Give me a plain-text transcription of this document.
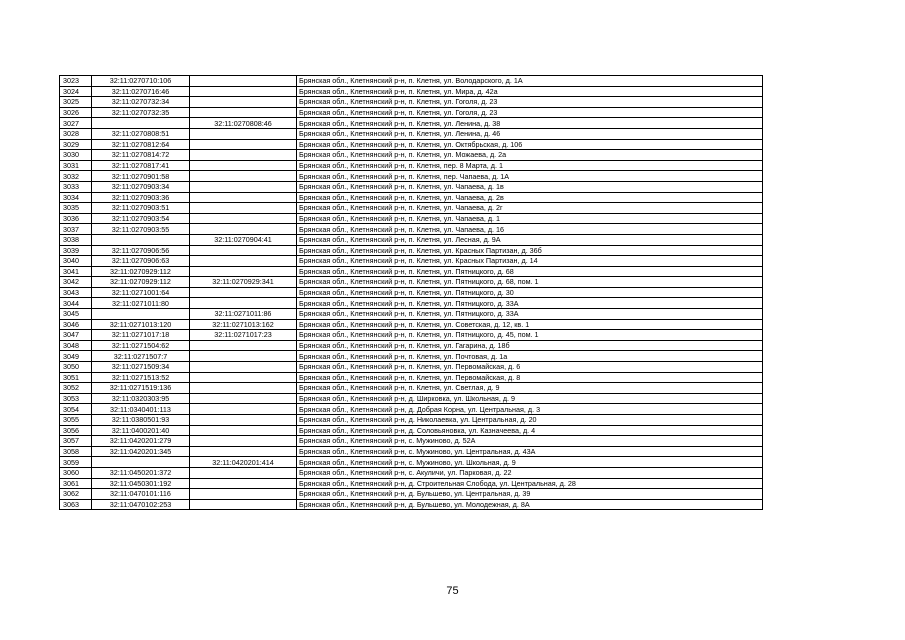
3023	32:11:0270710:106		Брянская обл., Клетнянский р-н, п. Клетня, ул. Володарского, д. 1А
3024	32:11:0270716:46		Брянская обл., Клетнянский р-н, п. Клетня, ул. Мира, д. 42а
3025	32:11:0270732:34		Брянская обл., Клетнянский р-н, п. Клетня, ул. Гоголя, д. 23
3026	32:11:0270732:35		Брянская обл., Клетнянский р-н, п. Клетня, ул. Гоголя, д. 23
3027		32:11:0270808:46	Брянская обл., Клетнянский р-н, п. Клетня, ул. Ленина, д. 38
3028	32:11:0270808:51		Брянская обл., Клетнянский р-н, п. Клетня, ул. Ленина, д. 46
3029	32:11:0270812:64		Брянская обл., Клетнянский р-н, п. Клетня, ул. Октябрьская, д. 106
3030	32:11:0270814:72		Брянская обл., Клетнянский р-н, п. Клетня, ул. Можаева, д. 2а
3031	32:11:0270817:41		Брянская обл., Клетнянский р-н, п. Клетня, пер. 8 Марта, д. 1
3032	32:11:0270901:58		Брянская обл., Клетнянский р-н, п. Клетня, пер. Чапаева, д. 1А
3033	32:11:0270903:34		Брянская обл., Клетнянский р-н, п. Клетня, ул. Чапаева, д. 1в
3034	32:11:0270903:36		Брянская обл., Клетнянский р-н, п. Клетня, ул. Чапаева, д. 2в
3035	32:11:0270903:51		Брянская обл., Клетнянский р-н, п. Клетня, ул. Чапаева, д. 2г
3036	32:11:0270903:54		Брянская обл., Клетнянский р-н, п. Клетня, ул. Чапаева, д. 1
3037	32:11:0270903:55		Брянская обл., Клетнянский р-н, п. Клетня, ул. Чапаева, д. 16
3038		32:11:0270904:41	Брянская обл., Клетнянский р-н, п. Клетня, ул. Лесная, д. 9А
3039	32:11:0270906:56		Брянская обл., Клетнянский р-н, п. Клетня, ул. Красных Партизан, д. 36б
3040	32:11:0270906:63		Брянская обл., Клетнянский р-н, п. Клетня, ул. Красных Партизан, д. 14
3041	32:11:0270929:112		Брянская обл., Клетнянский р-н, п. Клетня, ул. Пятницкого, д. 68
3042	32:11:0270929:112	32:11:0270929:341	Брянская обл., Клетнянский р-н, п. Клетня, ул. Пятницкого, д. 68, пом. 1
3043	32:11:0271001:64		Брянская обл., Клетнянский р-н, п. Клетня, ул. Пятницкого, д. 30
3044	32:11:0271011:80		Брянская обл., Клетнянский р-н, п. Клетня, ул. Пятницкого, д. 33А
3045		32:11:0271011:86	Брянская обл., Клетнянский р-н, п. Клетня, ул. Пятницкого, д. 33А
3046	32:11:0271013:120	32:11:0271013:162	Брянская обл., Клетнянский р-н, п. Клетня, ул. Советская, д. 12, кв. 1
3047	32:11:0271017:18	32:11:0271017:23	Брянская обл., Клетнянский р-н, п. Клетня, ул. Пятницкого, д. 45, пом. 1
3048	32:11:0271504:62		Брянская обл., Клетнянский р-н, п. Клетня, ул. Гагарина, д. 18б
3049	32:11:0271507:7		Брянская обл., Клетнянский р-н, п. Клетня, ул. Почтовая, д. 1а
3050	32:11:0271509:34		Брянская обл., Клетнянский р-н, п. Клетня, ул. Первомайская, д. 6
3051	32:11:0271513:52		Брянская обл., Клетнянский р-н, п. Клетня, ул. Первомайская, д. 8
3052	32:11:0271519:136		Брянская обл., Клетнянский р-н, п. Клетня, ул. Светлая, д. 9
3053	32:11:0320303:95		Брянская обл., Клетнянский р-н, д. Ширковка, ул. Школьная, д. 9
3054	32:11:0340401:113		Брянская обл., Клетнянский р-н, д. Добрая Корна, ул. Центральная, д. 3
3055	32:11:0380501:93		Брянская обл., Клетнянский р-н, д. Николаевка, ул. Центральная, д. 20
3056	32:11:0400201:40		Брянская обл., Клетнянский р-н, д. Соловьяновка, ул. Казначеева, д. 4
3057	32:11:0420201:279		Брянская обл., Клетнянский р-н, с. Мужиново, д. 52А
3058	32:11:0420201:345		Брянская обл., Клетнянский р-н, с. Мужиново, ул. Центральная, д. 43А
3059		32:11:0420201:414	Брянская обл., Клетнянский р-н, с. Мужиново, ул. Школьная, д. 9
3060	32:11:0450201:372		Брянская обл., Клетнянский р-н, с. Акуличи, ул. Парковая, д. 22
3061	32:11:0450301:192		Брянская обл., Клетнянский р-н, д. Строительная Слобода, ул. Центральная, д. 28
3062	32:11:0470101:116		Брянская обл., Клетнянский р-н, д. Бульшево, ул. Центральная, д. 39
3063	32:11:0470102:253		Брянская обл., Клетнянский р-н, д. Бульшево, ул. Молодежная, д. 8А
75
